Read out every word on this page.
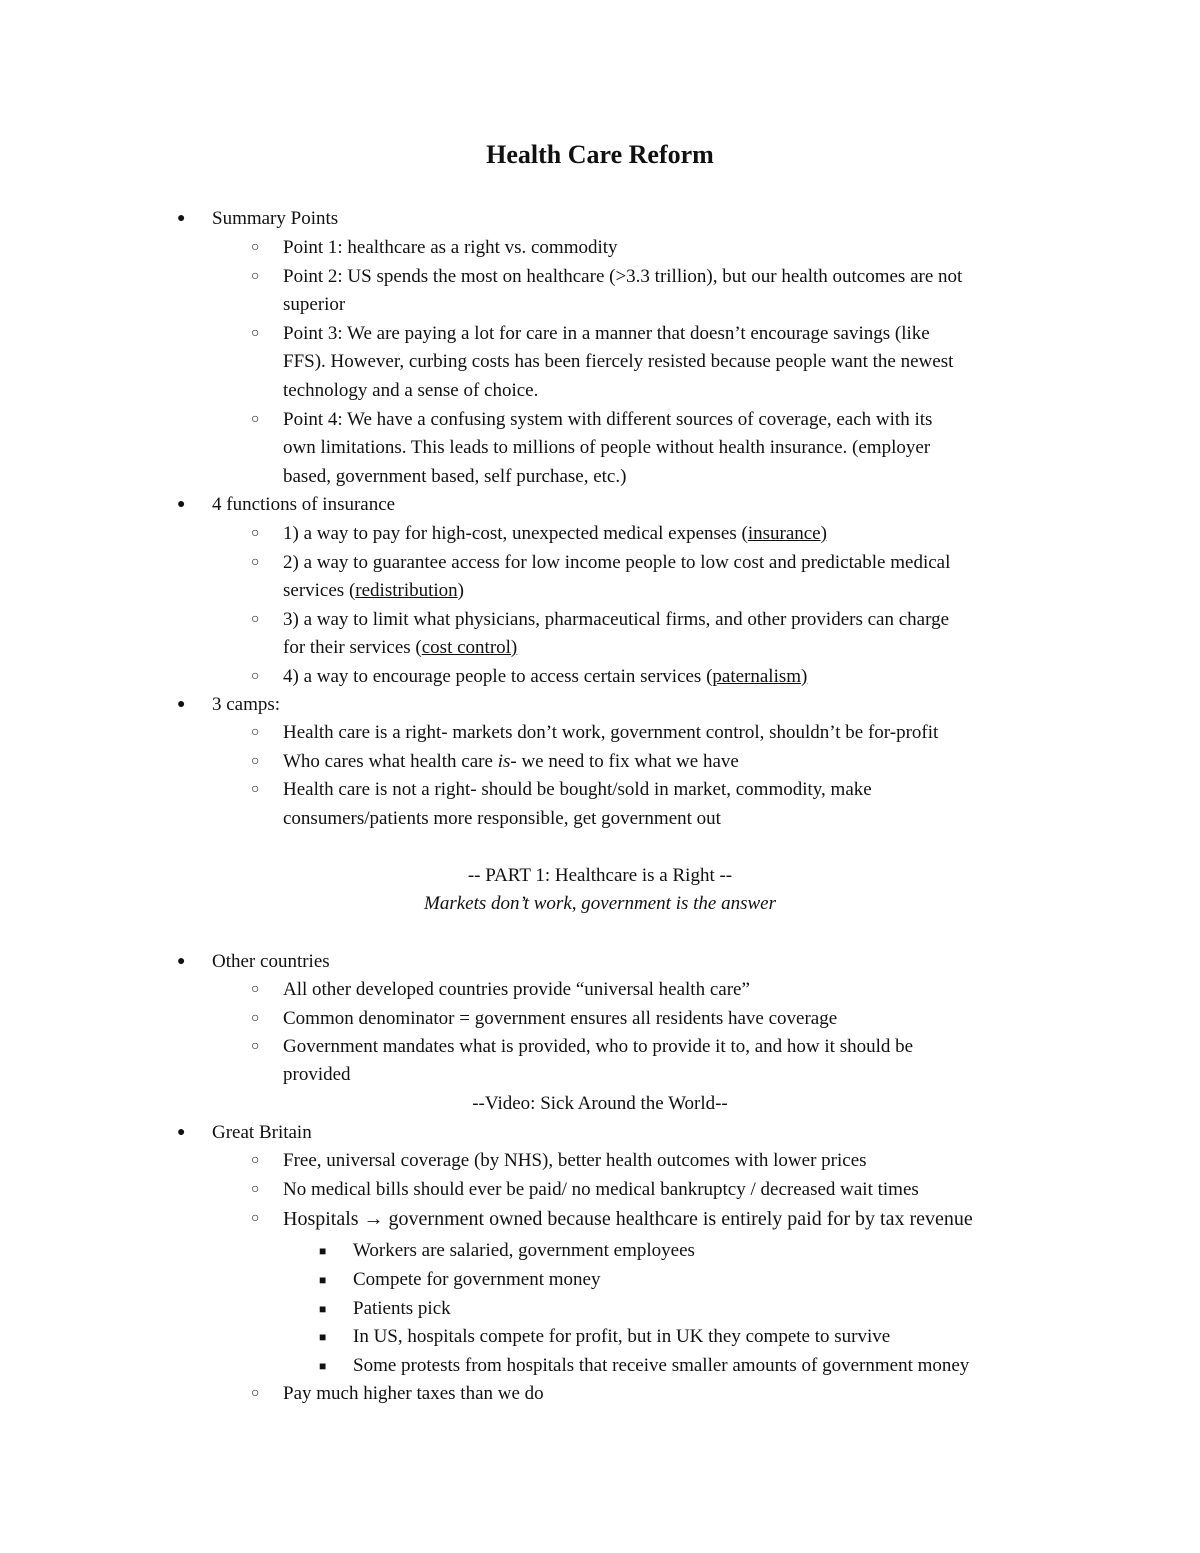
Health Care Reform
● Summary Points
○ Point 1: healthcare as a right vs. commodity
○ Point 2: US spends the most on healthcare (>3.3 trillion), but our health outcomes are not
superior
○ Point 3: We are paying a lot for care in a manner that doesn’t encourage savings (like
FFS). However, curbing costs has been fiercely resisted because people want the newest
technology and a sense of choice.
○ Point 4: We have a confusing system with different sources of coverage, each with its
own limitations. This leads to millions of people without health insurance. (employer
based, government based, self purchase, etc.)
● 4 functions of insurance
○ 1) a way to pay for high-cost, unexpected medical expenses (insurance)
○ 2) a way to guarantee access for low income people to low cost and predictable medical
services (redistribution)
○ 3) a way to limit what physicians, pharmaceutical firms, and other providers can charge
for their services (cost control)
○ 4) a way to encourage people to access certain services (paternalism)
● 3 camps:
○ Health care is a right- markets don’t work, government control, shouldn’t be for-profit
○ Who cares what health care is- we need to fix what we have
○ Health care is not a right- should be bought/sold in market, commodity, make
consumers/patients more responsible, get government out
-- PART 1: Healthcare is a Right --
Markets don’t work, government is the answer
● Other countries
○ All other developed countries provide “universal health care”
○ Common denominator = government ensures all residents have coverage
○ Government mandates what is provided, who to provide it to, and how it should be
provided
--Video: Sick Around the World--
● Great Britain
○ Free, universal coverage (by NHS), better health outcomes with lower prices
○ No medical bills should ever be paid/ no medical bankruptcy / decreased wait times
○ Hospitals → government owned because healthcare is entirely paid for by tax revenue
■ Workers are salaried, government employees
■ Compete for government money
■ Patients pick
■ In US, hospitals compete for profit, but in UK they compete to survive
■ Some protests from hospitals that receive smaller amounts of government money
○ Pay much higher taxes than we do
